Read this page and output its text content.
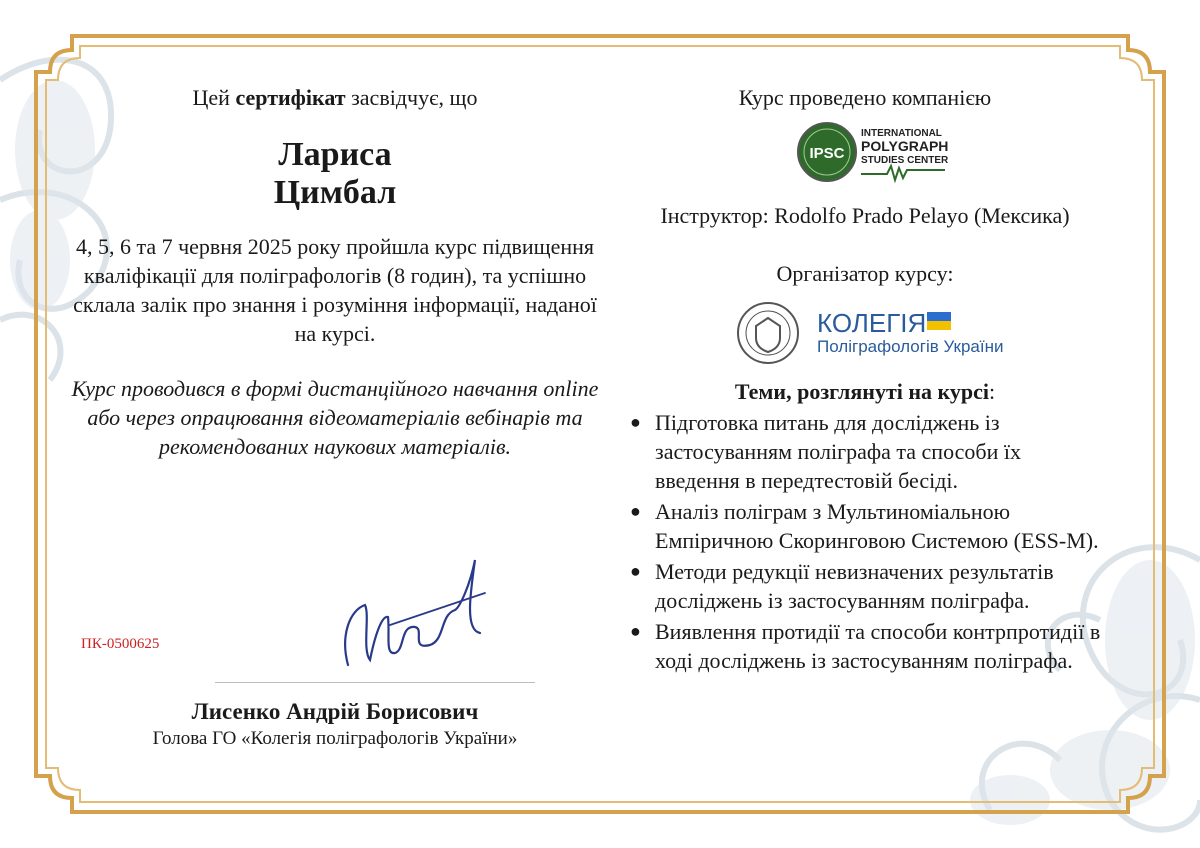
Цей сертифікат засвідчує, що
Лариса
Цимбал
4, 5, 6 та 7 червня 2025 року пройшла курс підвищення кваліфікації для поліграфологів (8 годин), та успішно склала залік про знання і розуміння інформації, наданої на курсі.
Курс проводився в формі дистанційного навчання online або через опрацювання відеоматеріалів вебінарів та рекомендованих наукових матеріалів.
ПК-0500625
Лисенко Андрій Борисович
Голова ГО «Колегія поліграфологів України»
Курс проведено компанією
IPSC
INTERNATIONAL
POLYGRAPH
STUDIES CENTER
Інструктор: Rodolfo Prado Pelayo (Мексика)
Організатор курсу:
КОЛЕГІЯ
Поліграфологів України
Теми, розглянуті на курсі:
● Підготовка питань для досліджень із застосуванням поліграфа та способи їх введення в передтестовій бесіді.
● Аналіз поліграм з Мультиноміальною Емпіричною Скоринговою Системою (ESS-M).
● Методи редукції невизначених результатів досліджень із застосуванням поліграфа.
● Виявлення протидії та способи контрпротидії в ході досліджень із застосуванням поліграфа.
